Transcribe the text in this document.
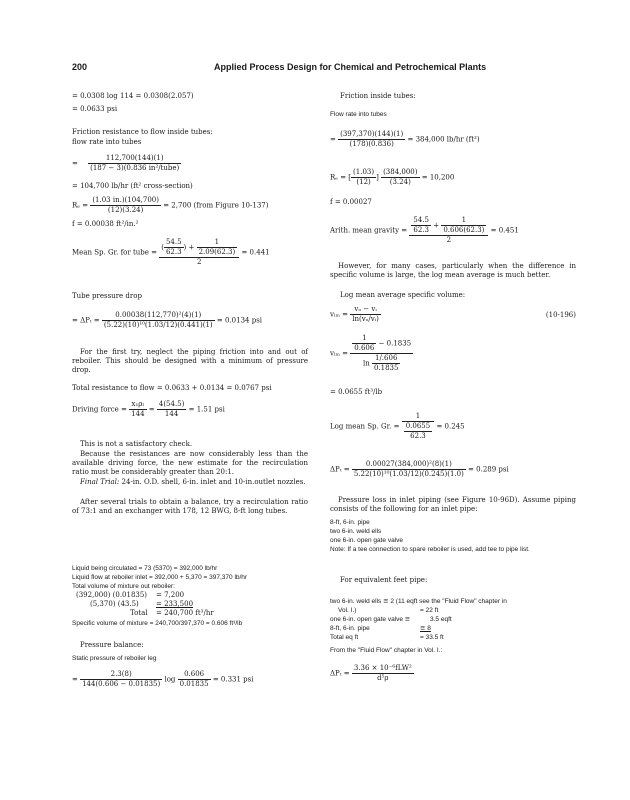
200	Applied Process Design for Chemical and Petrochemical Plants
= 0.0308 log 114 = 0.0308(2.057)
= 0.0633 psi
Friction resistance to flow inside tubes:
flow rate into tubes
= $\frac{112,700(144)(1)}{\text{(187 − 3)(0.836 in²/tube)}}$
= 104,700 lb/hr (ft² cross-section)
$R_e = \frac{(1.03 in.)(104,700)}{(12)(3.24)} = 2,700$ (from Figure 10-137)
f = 0.00038 ft²/in.²
Mean Sp. Gr. for tube = $\frac{( \frac{54.5}{62.3} ) + \frac{1}{2.09(62.3)}}{2} = 0.441$
Tube pressure drop
= $\Delta P_t = \frac{\text{0.00038(112,770)²(4)(1)}}{\text{(5.22)(10)¹⁰(1.03/12)(0.441)(1)}} = 0.0134$ psi
For the first try, neglect the piping friction into and out of reboiler. This should be designed with a minimum of pressure drop.
Total resistance to flow = 0.0633 + 0.0134 = 0.0767 psi
Driving force = $\frac{\text{x₁ρₗ}}{144} = \frac{4(54.5)}{144} = 1.51$ psi
This is not a satisfactory check.
Because the resistances are now considerably less than the available driving force, the new estimate for the recirculation ratio must be considerably greater than 20:1.
Final Trial: 24-in. O.D. shell, 6-in. inlet and 10-in.outlet nozzles.
After several trials to obtain a balance, try a recirculation ratio of 73:1 and an exchanger with 178, 12 BWG, 8-ft long tubes.
Liquid being circulated = 73 (5370) = 392,000 lb/hr
Liquid flow at reboiler inlet = 392,000 + 5,370 = 397,370 lb/hr
Total volume of mixture out reboiler:
(392,000) (0.01835) = 7,200
(5,370) (43.5) = 233,500
Total = 240,700 ft³/hr
Specific volume of mixture = 240,700/397,370 = 0.606 ft³/lb
Pressure balance:
Static pressure of reboiler leg
= $\frac{2.3(8)}{144(0.606 - 0.01835)}$ $\log \frac{0.606}{0.01835} = 0.331$ psi
Friction inside tubes:
Flow rate into tubes
= $\frac{(397,370)(144)(1)}{(178)(0.836)} = 384,000$ lb/hr (ft²)
Rₑ = [ $\frac{(1.03)}{(12)}$ ] $\frac{(384,000)}{(3.24)} = 10,200$
f = 0.00027
Arith. mean gravity = $\frac{\frac{54.5}{62.3} + \frac{1}{0.606(62.3)}}{2} = 0.451$
However, for many cases, particularly when the difference in specific volume is large, the log mean average is much better.
Log mean average specific volume:
$v_{lm} = \frac{\text{vₒ − vᵢ}}{\text{ln(vₒ/vᵢ)}}$	(10-196)
$v_{lm} = \frac{\frac{1}{0.606} - 0.1835}{\ln \frac{1/.606}{0.1835}}$
= 0.0655 ft³/lb
Log mean Sp. Gr. = $\frac{1}{\frac{0.0655}{62.3}} = 0.245$
$\Delta P_t = \frac{\text{0.00027(384,000)²(8)(1)}}{\text{5.22(10)¹⁰(1.03/12)(0.245)(1.0)}} = 0.289$ psi
Pressure loss in inlet piping (see Figure 10-96D). Assume piping consists of the following for an inlet pipe:
8-ft, 6-in. pipe
two 6-in. weld ells
one 6-in. open gate valve
Note: If a tee connection to spare reboiler is used, add tee to pipe list.
For equivalent feet pipe:
two 6-in. weld ells ≅ 2 (11 eqft see the "Fluid Flow" chapter in
Vol. I.)	= 22 ft
one 6-in. open gate valve ≅	3.5 eqft
8-ft, 6-in. pipe	≅ 8
Total eq ft	= 33.5 ft
From the "Fluid Flow" chapter in Vol. I.:
$\Delta P_t = \frac{\text{3.36 × 10⁻⁶fLW²}}{\text{d⁵ρ}}$
